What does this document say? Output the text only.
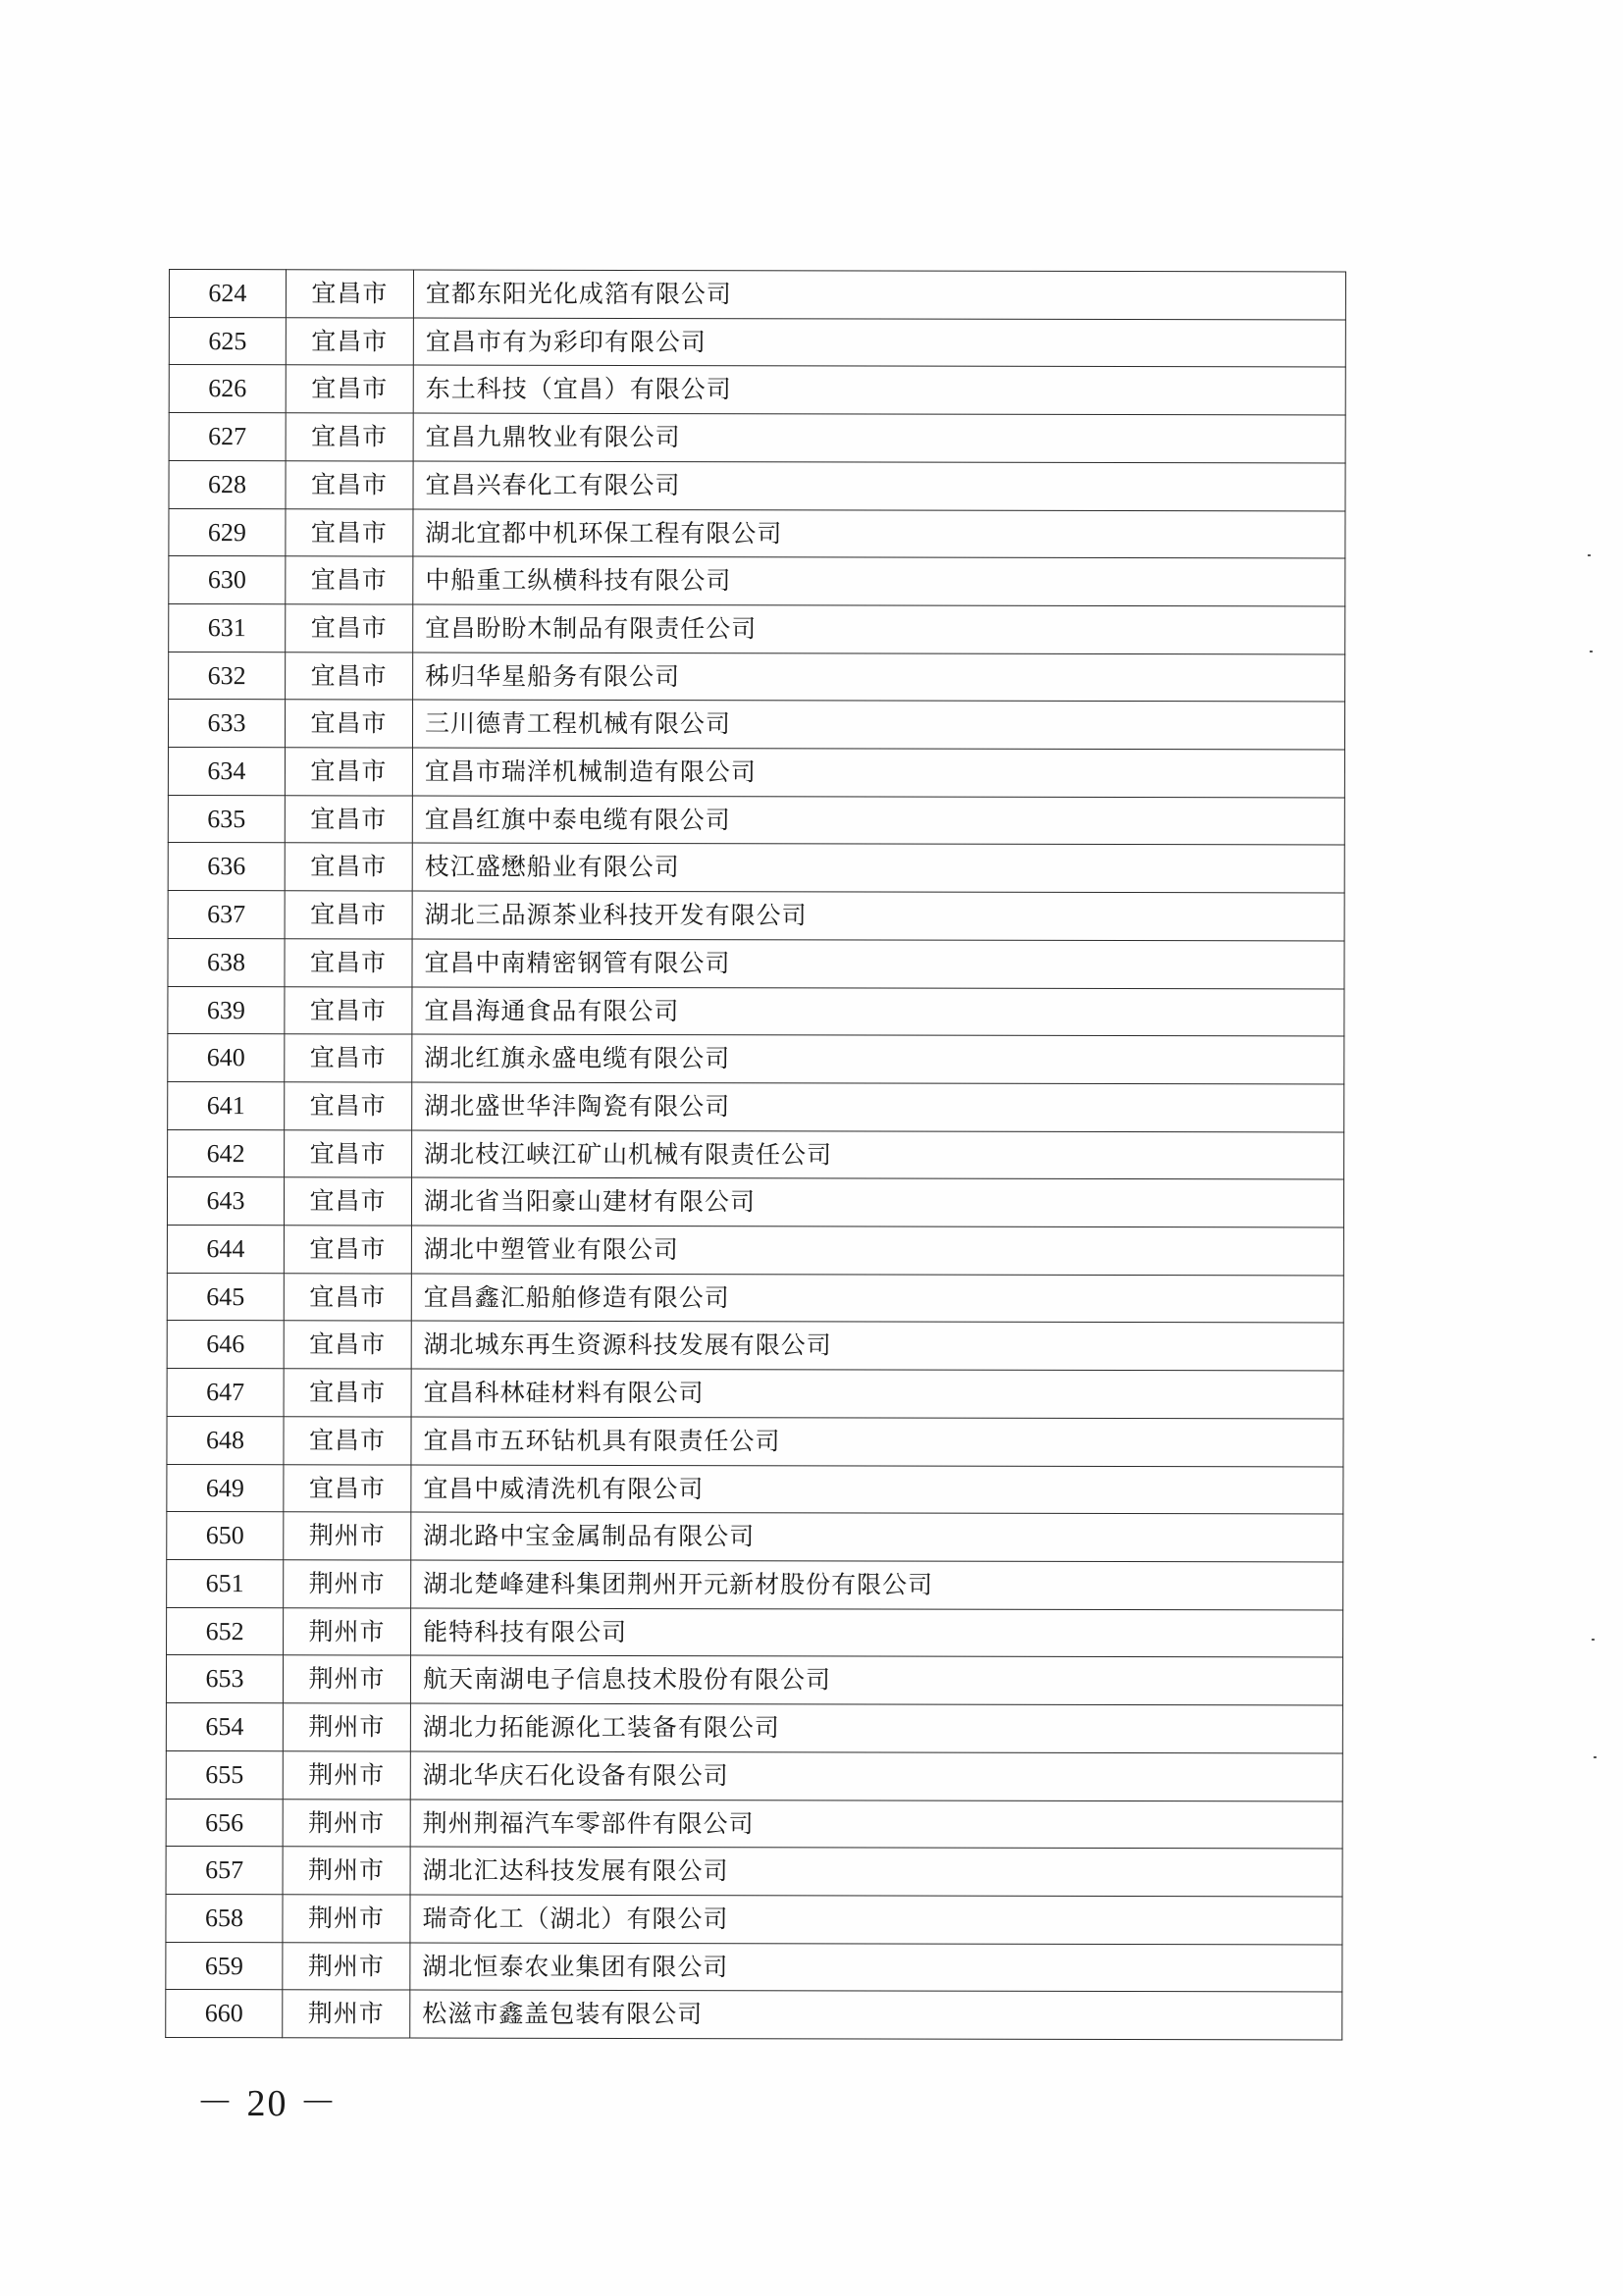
624	宜昌市	宜都东阳光化成箔有限公司
625	宜昌市	宜昌市有为彩印有限公司
626	宜昌市	东土科技（宜昌）有限公司
627	宜昌市	宜昌九鼎牧业有限公司
628	宜昌市	宜昌兴春化工有限公司
629	宜昌市	湖北宜都中机环保工程有限公司
630	宜昌市	中船重工纵横科技有限公司
631	宜昌市	宜昌盼盼木制品有限责任公司
632	宜昌市	秭归华星船务有限公司
633	宜昌市	三川德青工程机械有限公司
634	宜昌市	宜昌市瑞洋机械制造有限公司
635	宜昌市	宜昌红旗中泰电缆有限公司
636	宜昌市	枝江盛懋船业有限公司
637	宜昌市	湖北三品源茶业科技开发有限公司
638	宜昌市	宜昌中南精密钢管有限公司
639	宜昌市	宜昌海通食品有限公司
640	宜昌市	湖北红旗永盛电缆有限公司
641	宜昌市	湖北盛世华沣陶瓷有限公司
642	宜昌市	湖北枝江峡江矿山机械有限责任公司
643	宜昌市	湖北省当阳豪山建材有限公司
644	宜昌市	湖北中塑管业有限公司
645	宜昌市	宜昌鑫汇船舶修造有限公司
646	宜昌市	湖北城东再生资源科技发展有限公司
647	宜昌市	宜昌科林硅材料有限公司
648	宜昌市	宜昌市五环钻机具有限责任公司
649	宜昌市	宜昌中威清洗机有限公司
650	荆州市	湖北路中宝金属制品有限公司
651	荆州市	湖北楚峰建科集团荆州开元新材股份有限公司
652	荆州市	能特科技有限公司
653	荆州市	航天南湖电子信息技术股份有限公司
654	荆州市	湖北力拓能源化工装备有限公司
655	荆州市	湖北华庆石化设备有限公司
656	荆州市	荆州荆福汽车零部件有限公司
657	荆州市	湖北汇达科技发展有限公司
658	荆州市	瑞奇化工（湖北）有限公司
659	荆州市	湖北恒泰农业集团有限公司
660	荆州市	松滋市鑫盖包装有限公司
－ 20 －
